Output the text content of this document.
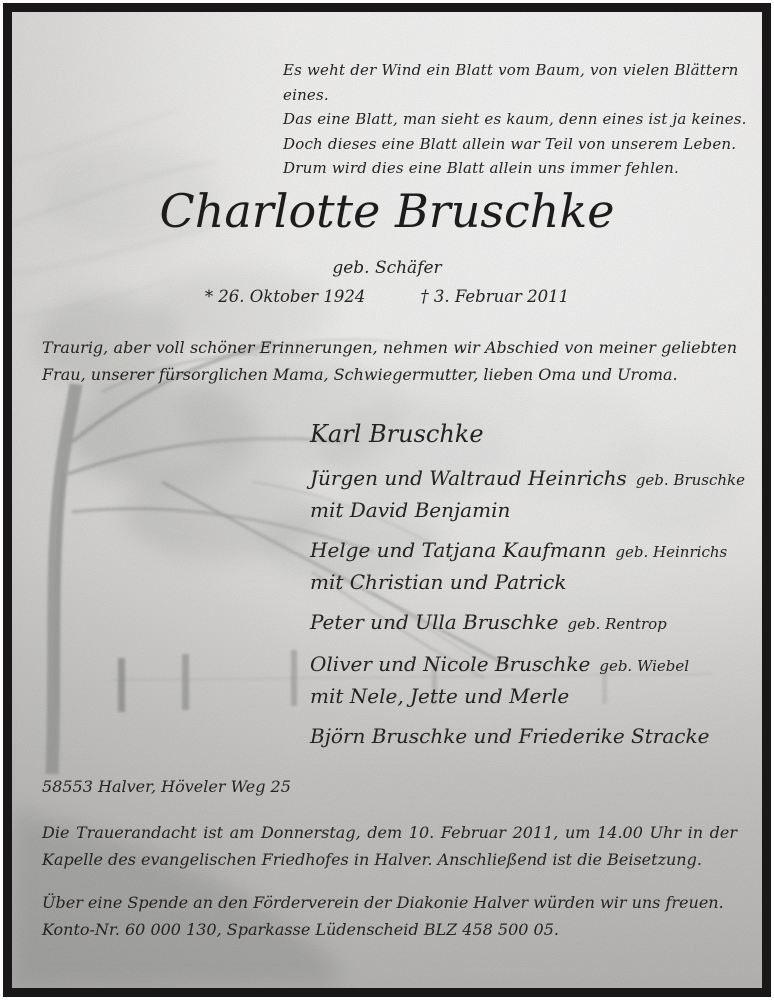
Es weht der Wind ein Blatt vom Baum, von vielen Blättern eines.
Das eine Blatt, man sieht es kaum, denn eines ist ja keines.
Doch dieses eine Blatt allein war Teil von unserem Leben.
Drum wird dies eine Blatt allein uns immer fehlen.
Charlotte Bruschke
geb. Schäfer
* 26. Oktober 1924	† 3. Februar 2011
Traurig, aber voll schöner Erinnerungen, nehmen wir Abschied von meiner geliebten
Frau, unserer fürsorglichen Mama, Schwiegermutter, lieben Oma und Uroma.
Karl Bruschke
Jürgen und Waltraud Heinrichs geb. Bruschke
mit David Benjamin
Helge und Tatjana Kaufmann geb. Heinrichs
mit Christian und Patrick
Peter und Ulla Bruschke geb. Rentrop
Oliver und Nicole Bruschke geb. Wiebel
mit Nele, Jette und Merle
Björn Bruschke und Friederike Stracke
58553 Halver, Höveler Weg 25
Die Trauerandacht ist am Donnerstag, dem 10. Februar 2011, um 14.00 Uhr in der
Kapelle des evangelischen Friedhofes in Halver. Anschließend ist die Beisetzung.
Über eine Spende an den Förderverein der Diakonie Halver würden wir uns freuen.
Konto-Nr. 60 000 130, Sparkasse Lüdenscheid BLZ 458 500 05.
